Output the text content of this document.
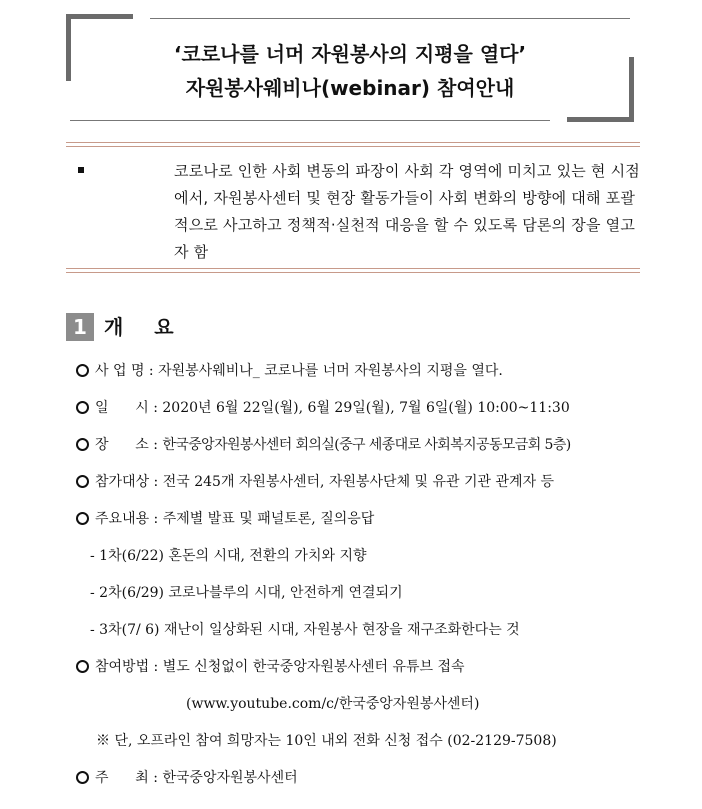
‘코로나를 너머 자원봉사의 지평을 열다’
자원봉사웨비나(webinar) 참여안내
코로나로 인한 사회 변동의 파장이 사회 각 영역에 미치고 있는 현 시점
에서, 자원봉사센터 및 현장 활동가들이 사회 변화의 방향에 대해 포괄
적으로 사고하고 정책적·실천적 대응을 할 수 있도록 담론의 장을 열고
자 함
1 개 요
사 업 명 : 자원봉사웨비나_ 코로나를 너머 자원봉사의 지평을 열다.
일      시 : 2020년 6월 22일(월), 6월 29일(월), 7월 6일(월) 10:00~11:30
장      소 : 한국중앙자원봉사센터 회의실(중구 세종대로 사회복지공동모금회 5층)
참가대상 : 전국 245개 자원봉사센터, 자원봉사단체 및 유관 기관 관계자 등
주요내용 : 주제별 발표 및 패널토론, 질의응답
- 1차(6/22) 혼돈의 시대, 전환의 가치와 지향
- 2차(6/29) 코로나블루의 시대, 안전하게 연결되기
- 3차(7/ 6) 재난이 일상화된 시대, 자원봉사 현장을 재구조화한다는 것
참여방법 : 별도 신청없이 한국중앙자원봉사센터 유튜브 접속
(www.youtube.com/c/한국중앙자원봉사센터)
※ 단, 오프라인 참여 희망자는 10인 내외 전화 신청 접수 (02-2129-7508)
주      최 : 한국중앙자원봉사센터
